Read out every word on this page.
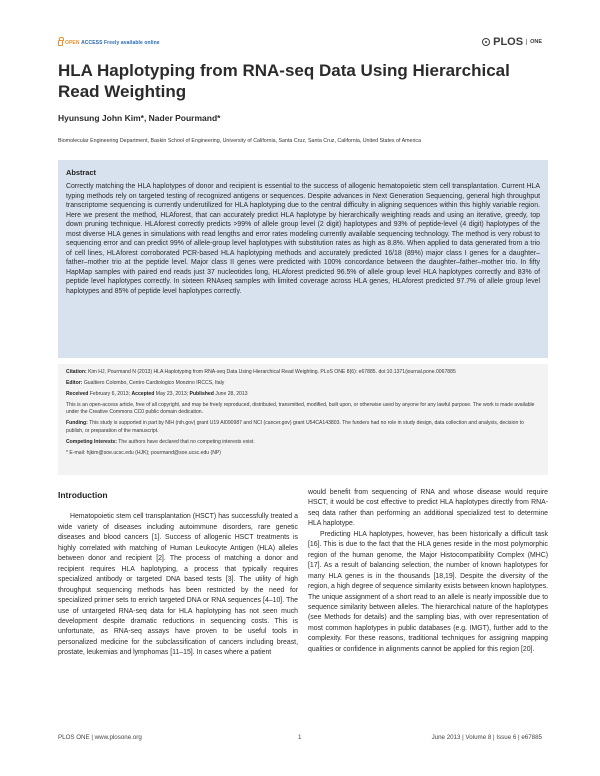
OPEN ACCESS Freely available online	PLOS	ONE
HLA Haplotyping from RNA-seq Data Using Hierarchical Read Weighting
Hyunsung John Kim*, Nader Pourmand*
Biomolecular Engineering Department, Baskin School of Engineering, University of California, Santa Cruz, Santa Cruz, California, United States of America
Abstract
Correctly matching the HLA haplotypes of donor and recipient is essential to the success of allogenic hematopoietic stem cell transplantation. Current HLA typing methods rely on targeted testing of recognized antigens or sequences. Despite advances in Next Generation Sequencing, general high throughput transcriptome sequencing is currently underutilized for HLA haplotyping due to the central difficulty in aligning sequences within this highly variable region. Here we present the method, HLAforest, that can accurately predict HLA haplotype by hierarchically weighting reads and using an iterative, greedy, top down pruning technique. HLAforest correctly predicts >99% of allele group level (2 digit) haplotypes and 93% of peptide-level (4 digit) haplotypes of the most diverse HLA genes in simulations with read lengths and error rates modeling currently available sequencing technology. The method is very robust to sequencing error and can predict 99% of allele-group level haplotypes with substitution rates as high as 8.8%. When applied to data generated from a trio of cell lines, HLAforest corroborated PCR-based HLA haplotyping methods and accurately predicted 16/18 (89%) major class I genes for a daughter–father–mother trio at the peptide level. Major class II genes were predicted with 100% concordance between the daughter–father–mother trio. In fifty HapMap samples with paired end reads just 37 nucleotides long, HLAforest predicted 96.5% of allele group level HLA haplotypes correctly and 83% of peptide level haplotypes correctly. In sixteen RNAseq samples with limited coverage across HLA genes, HLAforest predicted 97.7% of allele group level haplotypes and 85% of peptide level haplotypes correctly.

Citation: Kim HJ, Pourmand N (2013) HLA Haplotyping from RNA-seq Data Using Hierarchical Read Weighting. PLoS ONE 8(6): e67885. doi:10.1371/journal.pone.0067885

Editor: Gualtiero Colombo, Centro Cardiologico Monzino IRCCS, Italy

Received February 6, 2013; Accepted May 23, 2013; Published June 28, 2013

This is an open-access article, free of all copyright, and may be freely reproduced, distributed, transmitted, modified, built upon, or otherwise used by anyone for any lawful purpose. The work is made available under the Creative Commons CC0 public domain dedication.

Funding: This study is supported in part by NIH (nih.gov) grant U19 AI090987 and NCI (cancer.gov) grant U54CA143803. The funders had no role in study design, data collection and analysis, decision to publish, or preparation of the manuscript.

Competing Interests: The authors have declared that no competing interests exist.

* E-mail: hjkim@soe.ucsc.edu (HJK); pourmand@soe.ucsc.edu (NP)

Introduction

Hematopoietic stem cell transplantation (HSCT) has successfully treated a wide variety of diseases including autoimmune disorders, rare genetic diseases and blood cancers [1]. Success of allogenic HSCT treatments is highly correlated with matching of Human Leukocyte Antigen (HLA) alleles between donor and recipient [2]. The process of matching a donor and recipient requires HLA haplotyping, a process that typically requires specialized antibody or targeted DNA based tests [3]. The utility of high throughput sequencing methods has been restricted by the need for specialized primer sets to enrich targeted DNA or RNA sequences [4–10]. The use of untargeted RNA-seq data for HLA haplotyping has not seen much development despite dramatic reductions in sequencing costs. This is unfortunate, as RNA-seq assays have proven to be useful tools in personalized medicine for the subclassification of cancers including breast, prostate, leukemias and lymphomas [11–15]. In cases where a patient

would benefit from sequencing of RNA and whose disease would require HSCT, it would be cost effective to predict HLA haplotypes directly from RNA-seq data rather than performing an additional specialized test to determine HLA haplotype.

Predicting HLA haplotypes, however, has been historically a difficult task [16]. This is due to the fact that the HLA genes reside in the most polymorphic region of the human genome, the Major Histocompatibility Complex (MHC) [17]. As a result of balancing selection, the number of known haplotypes for many HLA genes is in the thousands [18,19]. Despite the diversity of the region, a high degree of sequence similarity exists between known haplotypes. The unique assignment of a short read to an allele is nearly impossible due to sequence similarity between alleles. The hierarchical nature of the haplotypes (see Methods for details) and the sampling bias, with over representation of most common haplotypes in public databases (e.g. IMGT), further add to the complexity. For these reasons, traditional techniques for assigning mapping qualities or confidence in alignments cannot be applied for this region [20].

PLOS ONE | www.plosone.org	1	June 2013 | Volume 8 | Issue 6 | e67885
